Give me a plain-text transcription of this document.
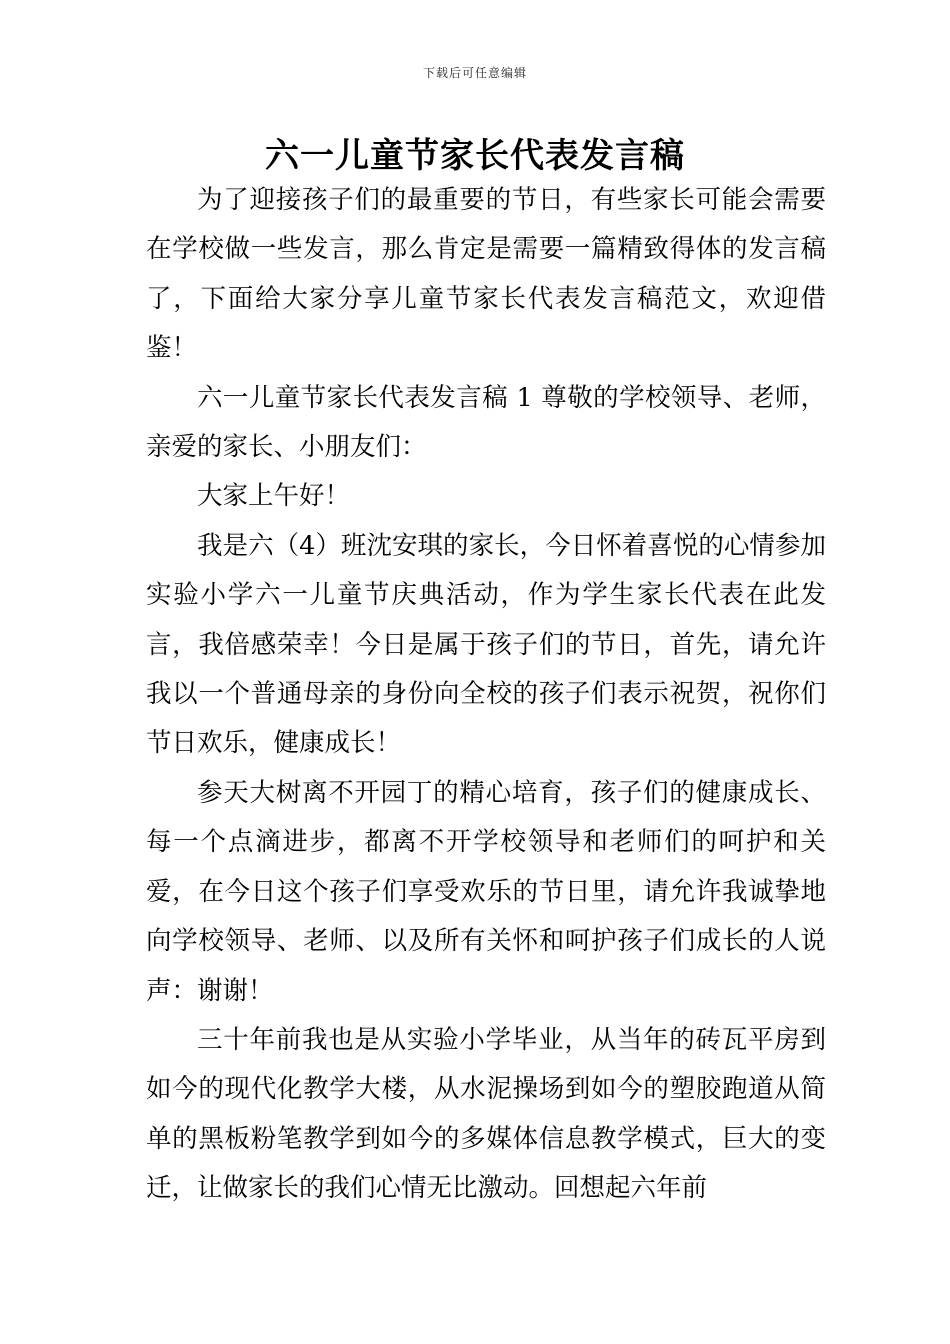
下载后可任意编辑
六一儿童节家长代表发言稿

为了迎接孩子们的最重要的节日，有些家长可能会需要在学校做一些发言，那么肯定是需要一篇精致得体的发言稿了，下面给大家分享儿童节家长代表发言稿范文，欢迎借鉴！

六一儿童节家长代表发言稿 1 尊敬的学校领导、老师，亲爱的家长、小朋友们：

大家上午好！

我是六（4）班沈安琪的家长，今日怀着喜悦的心情参加实验小学六一儿童节庆典活动，作为学生家长代表在此发言，我倍感荣幸！今日是属于孩子们的节日，首先，请允许我以一个普通母亲的身份向全校的孩子们表示祝贺，祝你们节日欢乐，健康成长！

参天大树离不开园丁的精心培育，孩子们的健康成长、每一个点滴进步，都离不开学校领导和老师们的呵护和关爱，在今日这个孩子们享受欢乐的节日里，请允许我诚挚地向学校领导、老师、以及所有关怀和呵护孩子们成长的人说声：谢谢！

三十年前我也是从实验小学毕业，从当年的砖瓦平房到如今的现代化教学大楼，从水泥操场到如今的塑胶跑道从简单的黑板粉笔教学到如今的多媒体信息教学模式，巨大的变迁，让做家长的我们心情无比激动。回想起六年前
